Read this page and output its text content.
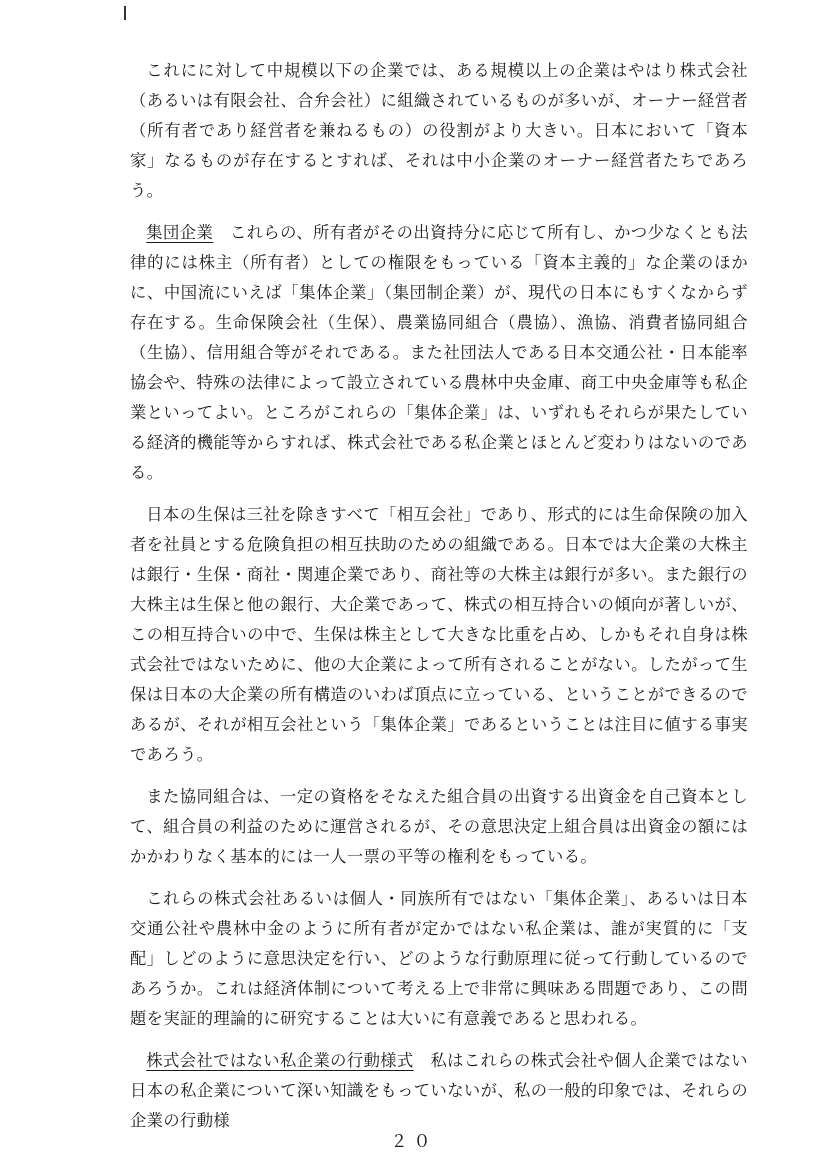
これにに対して中規模以下の企業では、ある規模以上の企業はやはり株式会社（あるいは有限会社、合弁会社）に組織されているものが多いが、オーナー経営者（所有者であり経営者を兼ねるもの）の役割がより大きい。日本において「資本家」なるものが存在するとすれば、それは中小企業のオーナー経営者たちであろう。

集団企業　 これらの、所有者がその出資持分に応じて所有し、かつ少なくとも法律的には株主（所有者）としての権限をもっている「資本主義的」な企業のほかに、中国流にいえば「集体企業」（集団制企業）が、現代の日本にもすくなからず存在する。生命保険会社（生保）、農業協同組合（農協）、漁協、消費者協同組合（生協）、信用組合等がそれである。また社団法人である日本交通公社・日本能率協会や、特殊の法律によって設立されている農林中央金庫、商工中央金庫等も私企業といってよい。ところがこれらの「集体企業」は、いずれもそれらが果たしている経済的機能等からすれば、株式会社である私企業とほとんど変わりはないのである。

日本の生保は三社を除きすべて「相互会社」であり、形式的には生命保険の加入者を社員とする危険負担の相互扶助のための組織である。日本では大企業の大株主は銀行・生保・商社・関連企業であり、商社等の大株主は銀行が多い。また銀行の大株主は生保と他の銀行、大企業であって、株式の相互持合いの傾向が著しいが、この相互持合いの中で、生保は株主として大きな比重を占め、しかもそれ自身は株式会社ではないために、他の大企業によって所有されることがない。したがって生保は日本の大企業の所有構造のいわば頂点に立っている、ということができるのであるが、それが相互会社という「集体企業」であるということは注目に値する事実であろう。

また協同組合は、一定の資格をそなえた組合員の出資する出資金を自己資本として、組合員の利益のために運営されるが、その意思決定上組合員は出資金の額にはかかわりなく基本的には一人一票の平等の権利をもっている。

これらの株式会社あるいは個人・同族所有ではない「集体企業」、あるいは日本交通公社や農林中金のように所有者が定かではない私企業は、誰が実質的に「支配」しどのように意思決定を行い、どのような行動原理に従って行動しているのであろうか。これは経済体制について考える上で非常に興味ある問題であり、この問題を実証的理論的に研究することは大いに有意義であると思われる。

株式会社ではない私企業の行動様式　 私はこれらの株式会社や個人企業ではない日本の私企業について深い知識をもっていないが、私の一般的印象では、それらの企業の行動様

２０
